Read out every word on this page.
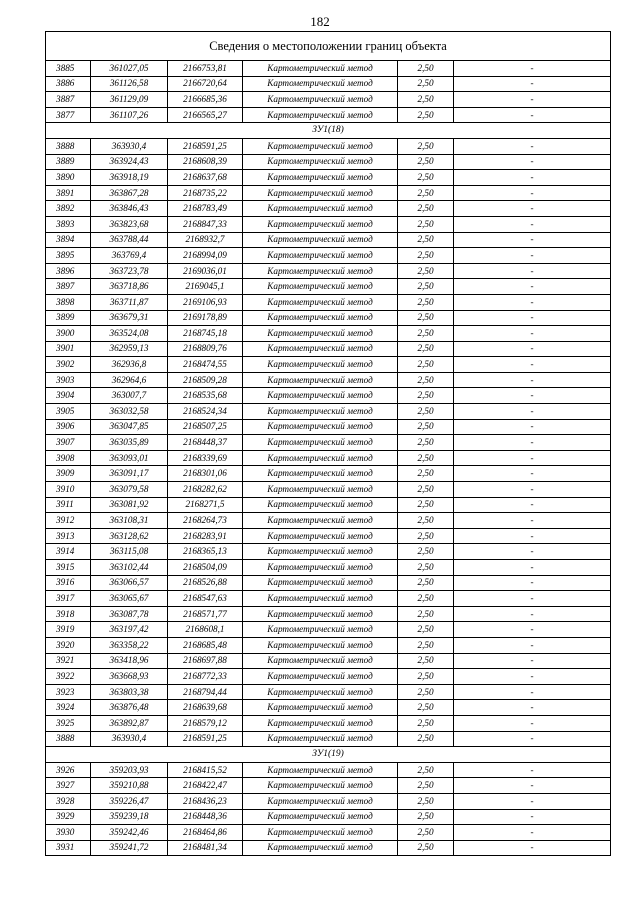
182
Сведения о местоположении границ объекта					
3885	361027,05	2166753,81	Картометрический метод	2,50	-
3886	361126,58	2166720,64	Картометрический метод	2,50	-
3887	361129,09	2166685,36	Картометрический метод	2,50	-
3877	361107,26	2166565,27	Картометрический метод	2,50	-
ЗУ1(18)					
3888	363930,4	2168591,25	Картометрический метод	2,50	-
3889	363924,43	2168608,39	Картометрический метод	2,50	-
3890	363918,19	2168637,68	Картометрический метод	2,50	-
3891	363867,28	2168735,22	Картометрический метод	2,50	-
3892	363846,43	2168783,49	Картометрический метод	2,50	-
3893	363823,68	2168847,33	Картометрический метод	2,50	-
3894	363788,44	2168932,7	Картометрический метод	2,50	-
3895	363769,4	2168994,09	Картометрический метод	2,50	-
3896	363723,78	2169036,01	Картометрический метод	2,50	-
3897	363718,86	2169045,1	Картометрический метод	2,50	-
3898	363711,87	2169106,93	Картометрический метод	2,50	-
3899	363679,31	2169178,89	Картометрический метод	2,50	-
3900	363524,08	2168745,18	Картометрический метод	2,50	-
3901	362959,13	2168809,76	Картометрический метод	2,50	-
3902	362936,8	2168474,55	Картометрический метод	2,50	-
3903	362964,6	2168509,28	Картометрический метод	2,50	-
3904	363007,7	2168535,68	Картометрический метод	2,50	-
3905	363032,58	2168524,34	Картометрический метод	2,50	-
3906	363047,85	2168507,25	Картометрический метод	2,50	-
3907	363035,89	2168448,37	Картометрический метод	2,50	-
3908	363093,01	2168339,69	Картометрический метод	2,50	-
3909	363091,17	2168301,06	Картометрический метод	2,50	-
3910	363079,58	2168282,62	Картометрический метод	2,50	-
3911	363081,92	2168271,5	Картометрический метод	2,50	-
3912	363108,31	2168264,73	Картометрический метод	2,50	-
3913	363128,62	2168283,91	Картометрический метод	2,50	-
3914	363115,08	2168365,13	Картометрический метод	2,50	-
3915	363102,44	2168504,09	Картометрический метод	2,50	-
3916	363066,57	2168526,88	Картометрический метод	2,50	-
3917	363065,67	2168547,63	Картометрический метод	2,50	-
3918	363087,78	2168571,77	Картометрический метод	2,50	-
3919	363197,42	2168608,1	Картометрический метод	2,50	-
3920	363358,22	2168685,48	Картометрический метод	2,50	-
3921	363418,96	2168697,88	Картометрический метод	2,50	-
3922	363668,93	2168772,33	Картометрический метод	2,50	-
3923	363803,38	2168794,44	Картометрический метод	2,50	-
3924	363876,48	2168639,68	Картометрический метод	2,50	-
3925	363892,87	2168579,12	Картометрический метод	2,50	-
3888	363930,4	2168591,25	Картометрический метод	2,50	-
ЗУ1(19)					
3926	359203,93	2168415,52	Картометрический метод	2,50	-
3927	359210,88	2168422,47	Картометрический метод	2,50	-
3928	359226,47	2168436,23	Картометрический метод	2,50	-
3929	359239,18	2168448,36	Картометрический метод	2,50	-
3930	359242,46	2168464,86	Картометрический метод	2,50	-
3931	359241,72	2168481,34	Картометрический метод	2,50	-
